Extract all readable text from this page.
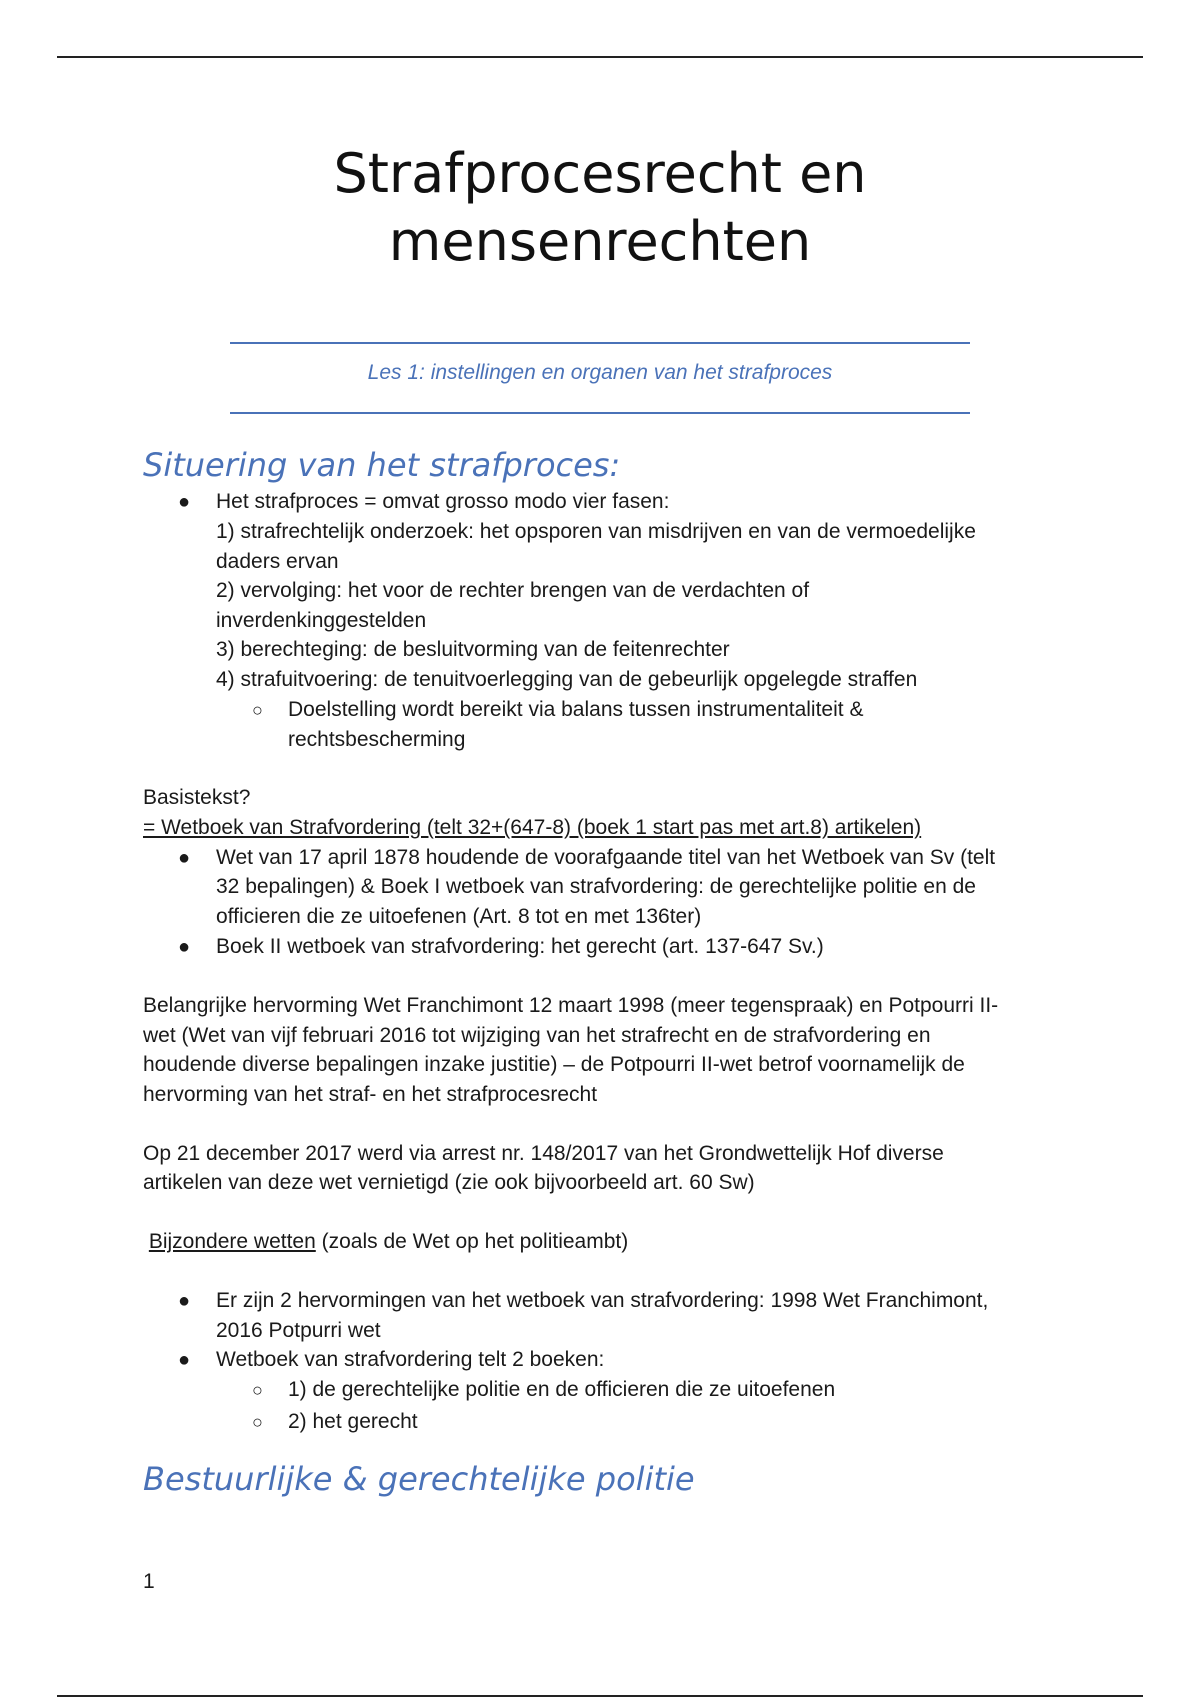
Strafprocesrecht en
mensenrechten
Les 1: instellingen en organen van het strafproces
Situering van het strafproces:
● Het strafproces = omvat grosso modo vier fasen:

1) strafrechtelijk onderzoek: het opsporen van misdrijven en van de vermoedelijke

daders ervan

2) vervolging: het voor de rechter brengen van de verdachten of

inverdenkinggestelden

3) berechteging: de besluitvorming van de feitenrechter

4) strafuitvoering: de tenuitvoerlegging van de gebeurlijk opgelegde straffen

○ Doelstelling wordt bereikt via balans tussen instrumentaliteit &

rechtsbescherming

Basistekst?

= Wetboek van Strafvordering (telt 32+(647-8) (boek 1 start pas met art.8) artikelen)

● Wet van 17 april 1878 houdende de voorafgaande titel van het Wetboek van Sv (telt

32 bepalingen) & Boek I wetboek van strafvordering: de gerechtelijke politie en de

officieren die ze uitoefenen (Art. 8 tot en met 136ter)

● Boek II wetboek van strafvordering: het gerecht (art. 137-647 Sv.)

Belangrijke hervorming Wet Franchimont 12 maart 1998 (meer tegenspraak) en Potpourri II-

wet (Wet van vijf februari 2016 tot wijziging van het strafrecht en de strafvordering en

houdende diverse bepalingen inzake justitie) – de Potpourri II-wet betrof voornamelijk de

hervorming van het straf- en het strafprocesrecht

Op 21 december 2017 werd via arrest nr. 148/2017 van het Grondwettelijk Hof diverse

artikelen van deze wet vernietigd (zie ook bijvoorbeeld art. 60 Sw)

Bijzondere wetten (zoals de Wet op het politieambt)

● Er zijn 2 hervormingen van het wetboek van strafvordering: 1998 Wet Franchimont,

2016 Potpurri wet

● Wetboek van strafvordering telt 2 boeken:

○ 1) de gerechtelijke politie en de officieren die ze uitoefenen

○ 2) het gerecht

Bestuurlijke & gerechtelijke politie
1
